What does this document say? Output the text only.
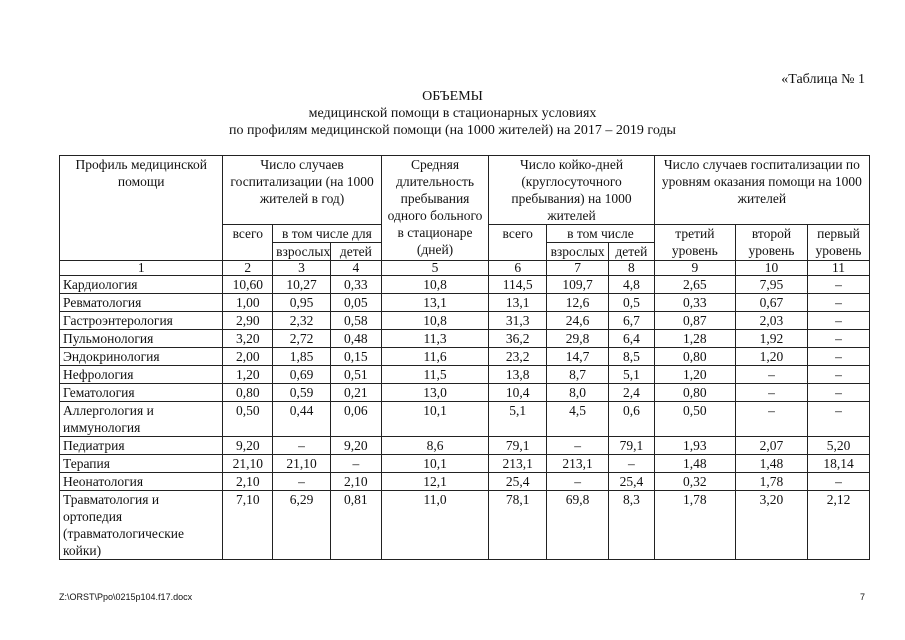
«Таблица № 1
ОБЪЕМЫ
медицинской помощи в стационарных условиях
по профилям медицинской помощи (на 1000 жителей) на 2017 – 2019 годы
Профиль медицинской помощи	Число случаев госпитализации (на 1000 жителей в год)			Средняя длительность пребывания одного больного в стационаре (дней)	Число койко-дней (круглосуточного пребывания) на 1000 жителей			Число случаев госпитализации по уровням оказания помощи на 1000 жителей		
	всего	в том числе для			всего	в том числе		третий уровень	второй уровень	первый уровень
		взрослых	детей			взрослых	детей			
1	2	3	4	5	6	7	8	9	10	11
Кардиология	10,60	10,27	0,33	10,8	114,5	109,7	4,8	2,65	7,95	–
Ревматология	1,00	0,95	0,05	13,1	13,1	12,6	0,5	0,33	0,67	–
Гастроэнтерология	2,90	2,32	0,58	10,8	31,3	24,6	6,7	0,87	2,03	–
Пульмонология	3,20	2,72	0,48	11,3	36,2	29,8	6,4	1,28	1,92	–
Эндокринология	2,00	1,85	0,15	11,6	23,2	14,7	8,5	0,80	1,20	–
Нефрология	1,20	0,69	0,51	11,5	13,8	8,7	5,1	1,20	–	–
Гематология	0,80	0,59	0,21	13,0	10,4	8,0	2,4	0,80	–	–
Аллергология и иммунология	0,50	0,44	0,06	10,1	5,1	4,5	0,6	0,50	–	–
Педиатрия	9,20	–	9,20	8,6	79,1	–	79,1	1,93	2,07	5,20
Терапия	21,10	21,10	–	10,1	213,1	213,1	–	1,48	1,48	18,14
Неонатология	2,10	–	2,10	12,1	25,4	–	25,4	0,32	1,78	–
Травматология и ортопедия (травматологические койки)	7,10	6,29	0,81	11,0	78,1	69,8	8,3	1,78	3,20	2,12
Z:\ORST\Ppo\0215p104.f17.docx	7
